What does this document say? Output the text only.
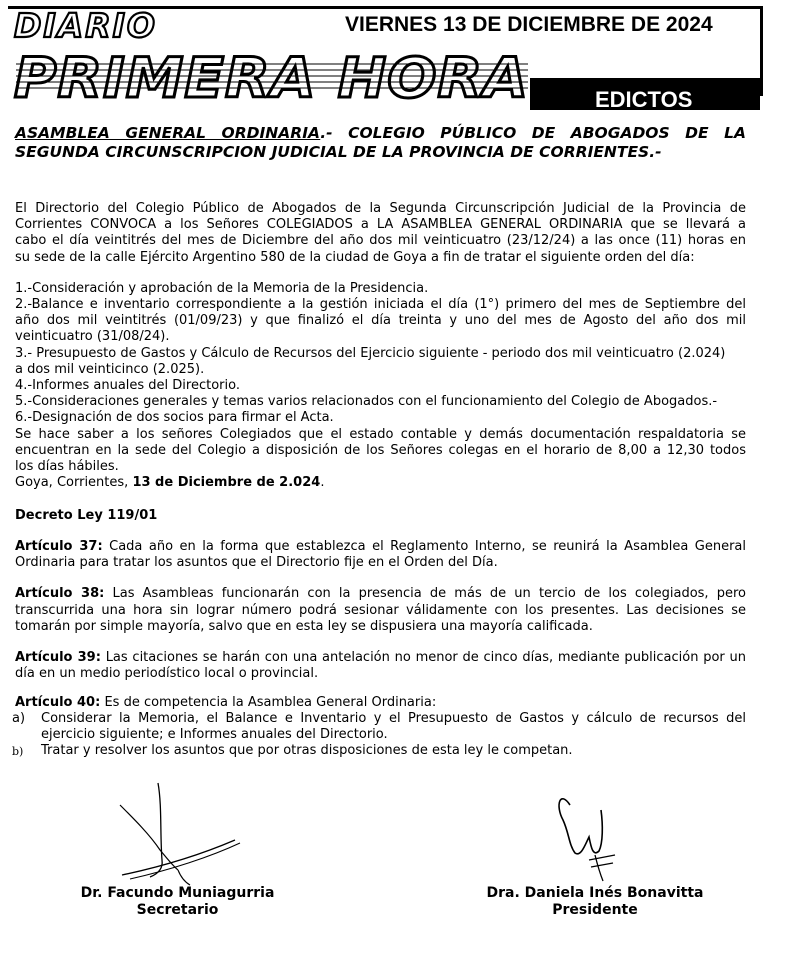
DIARIO
PRIMERA HORA	EDICTOS
VIERNES 13 DE DICIEMBRE DE 2024
ASAMBLEA GENERAL ORDINARIA.- COLEGIO PÚBLICO DE ABOGADOS DE LA
SEGUNDA CIRCUNSCRIPCION JUDICIAL DE LA PROVINCIA DE CORRIENTES.-
El Directorio del Colegio Público de Abogados de la Segunda Circunscripción Judicial de la Provincia de
Corrientes CONVOCA a los Señores COLEGIADOS a LA ASAMBLEA GENERAL ORDINARIA que se llevará a
cabo el día veintitrés del mes de Diciembre del año dos mil veinticuatro (23/12/24) a las once (11) horas en
su sede de la calle Ejército Argentino 580 de la ciudad de Goya a fin de tratar el siguiente orden del día:
1.-Consideración y aprobación de la Memoria de la Presidencia.
2.-Balance e inventario correspondiente a la gestión iniciada el día (1°) primero del mes de Septiembre del
año dos mil veintitrés (01/09/23) y que finalizó el día treinta y uno del mes de Agosto del año dos mil
veinticuatro (31/08/24).
3.- Presupuesto de Gastos y Cálculo de Recursos del Ejercicio siguiente - periodo dos mil veinticuatro (2.024)
a dos mil veinticinco (2.025).
4.-Informes anuales del Directorio.
5.-Consideraciones generales y temas varios relacionados con el funcionamiento del Colegio de Abogados.-
6.-Designación de dos socios para firmar el Acta.
Se hace saber a los señores Colegiados que el estado contable y demás documentación respaldatoria se
encuentran en la sede del Colegio a disposición de los Señores colegas en el horario de 8,00 a 12,30 todos
los días hábiles.
Goya, Corrientes, 13 de Diciembre de 2.024.
Decreto Ley 119/01
Artículo 37: Cada año en la forma que establezca el Reglamento Interno, se reunirá la Asamblea General
Ordinaria para tratar los asuntos que el Directorio fije en el Orden del Día.
Artículo 38: Las Asambleas funcionarán con la presencia de más de un tercio de los colegiados, pero
transcurrida una hora sin lograr número podrá sesionar válidamente con los presentes. Las decisiones se
tomarán por simple mayoría, salvo que en esta ley se dispusiera una mayoría calificada.
Artículo 39: Las citaciones se harán con una antelación no menor de cinco días, mediante publicación por un
día en un medio periodístico local o provincial.
Artículo 40: Es de competencia la Asamblea General Ordinaria:
a)	Considerar la Memoria, el Balance e Inventario y el Presupuesto de Gastos y cálculo de recursos del
ejercicio siguiente; e Informes anuales del Directorio.
b)	Tratar y resolver los asuntos que por otras disposiciones de esta ley le competan.
Dr. Facundo Muniagurria
Secretario
Dra. Daniela Inés Bonavitta
Presidente
